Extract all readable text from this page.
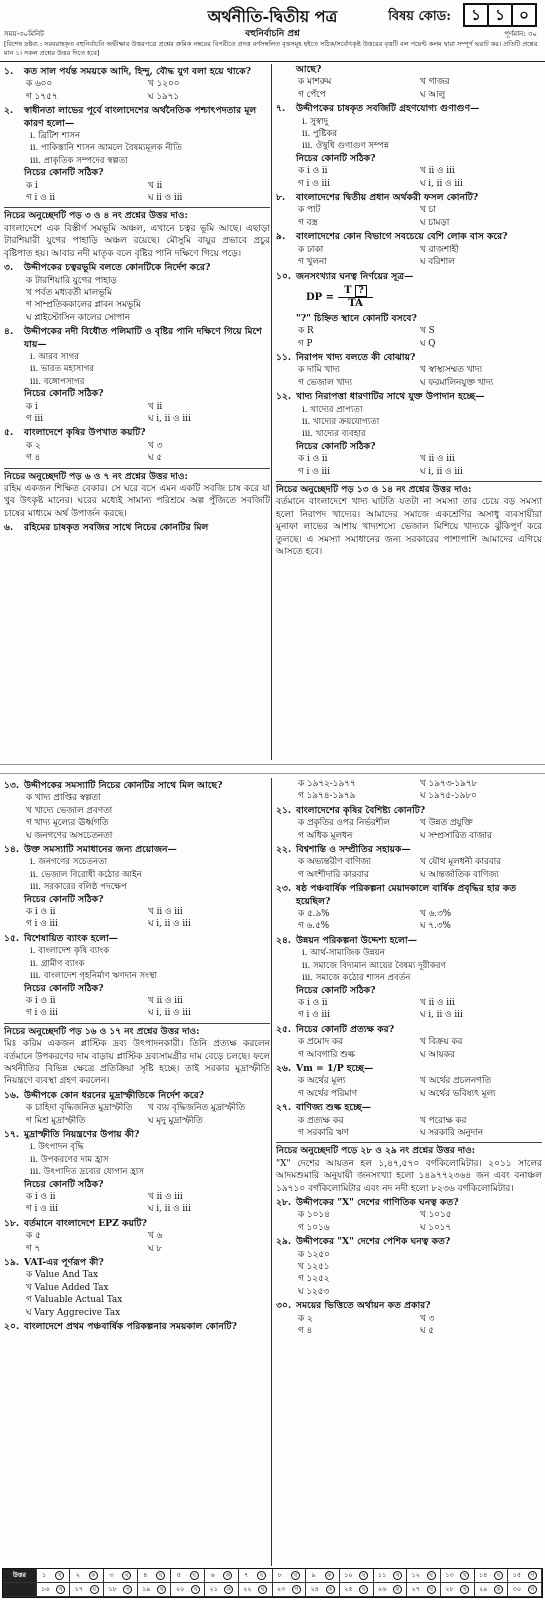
অর্থনীতি-দ্বিতীয় পত্র	বিষয় কোড:	১ ১ ০
সময়-৩০মিনিট	বহুনির্বাচনি প্রশ্ন	পূর্ণমান: ৩০
[বিশেষ দ্রষ্টব্য : সরবরাহকৃত বহুনির্বাচনি অভীক্ষার উত্তরপত্রে প্রশ্নের ক্রমিক নম্বরের বিপরীতে প্রদত্ত বর্ণসম্বলিত বৃত্তসমূহ হইতে সঠিক/সর্বোৎকৃষ্ট উত্তরের বৃত্তটি বল পয়েন্ট কলম দ্বারা সম্পূর্ণ ভরাট কর। প্রতিটি প্রশ্নের মান ১। সকল প্রশ্নের উত্তর দিতে হবে]
১.	কত সাল পর্যন্ত সময়কে আদি, হিন্দু, বৌদ্ধ যুগ বলা হয়ে থাকে?
ক ৬০০	খ ১২০০
গ ১৭৫৭	ঘ ১৯৭১
২.	স্বাধীনতা লাভের পূর্বে বাংলাদেশের অর্থনৈতিক পশ্চাৎপদতার মূল কারণ হলো—
i. ব্রিটিশ শাসন
ii. পাকিস্তানি শাসন আমলে বৈষম্যমূলক নীতি
iii. প্রাকৃতিক সম্পদের স্বল্পতা
নিচের কোনটি সঠিক?
ক i	খ ii
গ i ও ii	ঘ ii ও iii
নিচের অনুচ্ছেদটি পড় ৩ ও ৪ নং প্রশ্নের উত্তর দাও:
বাংলাদেশে এক বিস্তীর্ণ সমভূমি অঞ্চল, এখানে চত্বর ভূমি আছে। এছাড়া টারশিয়ারী যুগের পাহাড়ি অঞ্চল রয়েছে। মৌসুমি বায়ুর প্রভাবে প্রচুর বৃষ্টিপাত হয়। আবার নদী মাতৃক বলে বৃষ্টির পানি দক্ষিণে গিয়ে পড়ে।
৩.	উদ্দীপকের চত্বরভূমি বলতে কোনটিকে নির্দেশ করে?
ক টারশিয়ারি যুগের পাহাড়
খ পর্বত মধ্যবর্তী মালভূমি
গ সাম্প্রতিককালের প্লাবন সমভূমি
ঘ প্লাইস্টোসিন কালের সোপান
৪.	উদ্দীপকের নদী বিধৌত পলিমাটি ও বৃষ্টির পানি দক্ষিণে গিয়ে মিশে যায়—
i. আরব সাগর
ii. ভারত মহাসাগর
iii. বঙ্গোপসাগর
নিচের কোনটি সঠিক?
ক i	খ ii
গ iii	ঘ i, ii ও iii
৫.	বাংলাদেশে কৃষির উপখাত কয়টি?
ক ২	খ ৩
গ ৪	ঘ ৫
নিচের অনুচ্ছেদটি পড় ৬ ও ৭ নং প্রশ্নের উত্তর দাও:
রহিম একজন শিক্ষিত বেকার। সে ঘরে বসে এমন একটি সবজি চাষ করে যা খুব উৎকৃষ্ট মানের। ঘরের মধ্যেই সামান্য পরিশ্রমে অল্প পুঁজিতে সবজিটি চাষের মাধ্যমে অর্থ উপার্জন করছে।
৬.	রহিমের চাষকৃত সবজির সাথে নিচের কোনটির মিল
আছে?
ক মাশরুম	খ গাজর
গ পেঁপে	ঘ আলু
৭.	উদ্দীপকের চাষকৃত সবজিটি গ্রহণযোগ্য গুণাগুণ—
i. সুস্বাদু
ii. পুষ্টিকর
iii. ঔষুধি গুণাগুণ সম্পন্ন
নিচের কোনটি সঠিক?
ক i ও ii	খ ii ও iii
গ i ও iii	ঘ i, ii ও iii
৮.	বাংলাদেশের দ্বিতীয় প্রধান অর্থকরী ফসল কোনটি?
ক পাট	খ চা
গ বস্ত্র	ঘ চামড়া
৯.	বাংলাদেশের কোন বিভাগে সবচেয়ে বেশি লোক বাস করে?
ক ঢাকা	খ রাজশাহী
গ খুলনা	ঘ বরিশাল
১০. জনসংখ্যার ঘনত্ব নির্ণয়ের সূত্র—
DP = $\frac{T ?}{TA}$
"?" চিহ্নিত স্থানে কোনটি বসবে?
ক R	খ S
গ P	ঘ Q
১১. নিরাপদ খাদ্য বলতে কী বোঝায়?
ক দামি খাদ্য	খ স্বাস্থ্যসম্মত খাদ্য
গ ভেজাল খাদ্য	ঘ ফরমালিনযুক্ত খাদ্য
১২. খাদ্য নিরাপত্তা ধারণাটির সাথে যুক্ত উপাদান হচ্ছে—
i. খাদ্যের প্রাপ্যতা
ii. খাদ্যের ক্রয়যোগ্যতা
iii. খাদ্যের ব্যবহার
নিচের কোনটি সঠিক?
ক i ও ii	খ ii ও iii
গ i ও iii	ঘ i, ii ও iii
নিচের অনুচ্ছেদটি পড় ১৩ ও ১৪ নং প্রশ্নের উত্তর দাও:
বর্তমানে বাংলাদেশে খাদ্য ঘাটতি যতটা না সমস্যা তার চেয়ে বড় সমস্যা হলো নিরাপদ খাদ্যের। আমাদের সমাজে একশ্রেণির অসাধু ব্যবসায়ীরা মুনাফা লাভের আশায় খাদ্যশস্যে ভেজাল মিশিয়ে খাদ্যকে ঝুঁকিপূর্ণ করে তুলছে। এ সমস্যা সমাধানের জন্য সরকারের পাশাপাশি আমাদের এগিয়ে আসতে হবে।
১৩. উদ্দীপকের সমস্যাটি নিচের কোনটির সাথে মিল আছে?
ক খাদ্য প্রাপ্তির স্বল্পতা
খ খাদ্যে ভেজাল প্রবণতা
গ খাদ্য মূল্যের ঊর্ধ্বগতি
ঘ জনগণের অসচেতনতা
১৪. উক্ত সমস্যাটি সমাধানের জন্য প্রয়োজন—
i. জনগণের সচেতনতা
ii. ভেজাল বিরোধী কঠোর আইন
iii. সরকারের বলিষ্ঠ পদক্ষেপ
নিচের কোনটি সঠিক?
ক i ও ii	খ ii ও iii
গ i ও iii	ঘ i, ii ও iii
১৫. বিশেষায়িত ব্যাংক হলো—
i. বাংলাদেশ কৃষি ব্যাংক
ii. গ্রামীণ ব্যাংক
iii. বাংলাদেশ গৃহনির্মাণ ঋণদান সংস্থা
নিচের কোনটি সঠিক?
ক i ও ii	খ ii ও iii
গ i ও iii	ঘ i, ii ও iii
নিচের অনুচ্ছেদটি পড় ১৬ ও ১৭ নং প্রশ্নের উত্তর দাও:
মিঃ করিম একজন প্লাস্টিক দ্রব্য উৎপাদনকারী। তিনি প্রত্যক্ষ করলেন বর্তমানে উপকরণের দাম বাড়ায় প্লাস্টিক দ্রব্যসামগ্রীর দাম বেড়ে চলছে। ফলে অর্থনীতির বিভিন্ন ক্ষেত্রে প্রতিক্রিয়া সৃষ্টি হচ্ছে। তাই সরকার মুদ্রাস্ফীতি নিয়ন্ত্রণে ব্যবস্থা গ্রহণ করলেন।
১৬. উদ্দীপকে কোন ধরনের মুদ্রাস্ফীতিকে নির্দেশ করে?
ক চাহিদা বৃদ্ধিজনিত মুদ্রাস্ফীতি	খ ব্যয় বৃদ্ধিজনিত মুদ্রাস্ফীতি
গ মিশ্র মুদ্রাস্ফীতি	ঘ মৃদু মুদ্রাস্ফীতি
১৭. মুদ্রাস্ফীতি নিয়ন্ত্রণের উপায় কী?
i. উৎপাদন বৃদ্ধি
ii. উপকরণের দাম হ্রাস
iii. উৎপাদিত দ্রব্যের যোগান হ্রাস
নিচের কোনটি সঠিক?
ক i ও ii	খ ii ও iii
গ i ও iii	ঘ i, ii ও iii
১৮. বর্তমানে বাংলাদেশে EPZ কয়টি?
ক ৫	খ ৬
গ ৭	ঘ ৮
১৯. VAT-এর পূর্ণরূপ কী?
ক Value And Tax
খ Value Added Tax
গ Valuable Actual Tax
ঘ Vary Aggrecive Tax
২০. বাংলাদেশে প্রথম পঞ্চবার্ষিক পরিকল্পনার সময়কাল কোনটি?
ক ১৯৭২-১৯৭৭	খ ১৯৭৩-১৯৭৮
গ ১৯৭৪-১৯৭৯	ঘ ১৯৭৫-১৯৮০
২১. বাংলাদেশের কৃষির বৈশিষ্ট্য কোনটি?
ক প্রকৃতির ওপর নির্ভরশীল	খ উন্নত প্রযুক্তি
গ অধিক মূলধন	ঘ সম্প্রসারিত বাজার
২২. বিশ্বশান্তি ও সম্প্রীতির সহায়ক—
ক অভ্যন্তরীণ বাণিজ্য	খ যৌথ মূলধনী কারবার
গ অংশীদারি কারবার	ঘ আন্তর্জাতিক বাণিজ্য
২৩. ষষ্ঠ পঞ্চবার্ষিক পরিকল্পনা মেয়াদকালে বার্ষিক প্রবৃদ্ধির হার কত হয়েছিল?
ক ৫.৯%	খ ৬.৩%
গ ৬.৫%	ঘ ৭.৩%
২৪. উন্নয়ন পরিকল্পনা উদ্দেশ্য হলো—
i. আর্থ-সামাজিক উন্নয়ন
ii. সমাজে বিদ্যমান আয়ের বৈষম্য দূরীকরণ
iii. সমাজে কঠোর শাসন প্রবর্তন
নিচের কোনটি সঠিক?
ক i ও ii	খ ii ও iii
গ i ও iii	ঘ i, ii ও iii
২৫. নিচের কোনটি প্রত্যক্ষ কর?
ক প্রমোদ কর	খ বিক্রয় কর
গ আবগারি শুল্ক	ঘ আয়কর
২৬. Vm = 1/P হচ্ছে—
ক অর্থের মূল্য	খ অর্থের প্রচলনগতি
গ অর্থের পরিমাণ	ঘ অর্থের ভবিষ্যৎ মূল্য
২৭. বাণিজ্য শুল্ক হচ্ছে—
ক প্রত্যক্ষ কর	খ পরোক্ষ কর
গ সরকারি ঋণ	ঘ সরকারি অনুদান
নিচের অনুচ্ছেদটি পড়ে ২৮ ও ২৯ নং প্রশ্নের উত্তর দাও:
"X" দেশের আয়তন হল ১,৪৭,৫৭০ বর্গকিলোমিটার। ২০১১ সালের আদমশুমারি অনুযায়ী জনসংখ্যা হলো ১৪৯৭৭২৩৬৪ জন এবং বনাঞ্চল ১৯৭১০ বর্গকিলোমিটার এবং নদ নদী হলো ৮২৩৬ বর্গকিলোমিটার।
২৮. উদ্দীপকের "X" দেশের গাণিতিক ঘনত্ব কত?
ক ১০১৪	খ ১০১৫
গ ১০১৬	ঘ ১০১৭
২৯. উদ্দীপকের "X" দেশের পেশিক ঘনত্ব কত?
ক ১২৫০
খ ১২৫১
গ ১২৫২
ঘ ১২৫৩
৩০. সময়ের ভিত্তিতে অর্থায়ন কত প্রকার?
ক ২	খ ৩
গ ৪	ঘ ৫
উত্তর	১	খ	২	ক	৩	ঘ	৪	ঘ	৫	ঘ	৬	ক	৭	ঘ	৮	খ	৯	ক	১০	ঘ	১১	খ	১২	ঘ	১৩	খ	১৪	ঘ	১৫	গ
১৬	খ	১৭	ঘ	১৮	গ	১৯	খ	২০	খ	২১	ক	২২	ঘ	২৩	গ	২৪	ক	২৫	ঘ	২৬	ক	২৭	খ	২৮	খ	২৯	ক	৩০	খ
